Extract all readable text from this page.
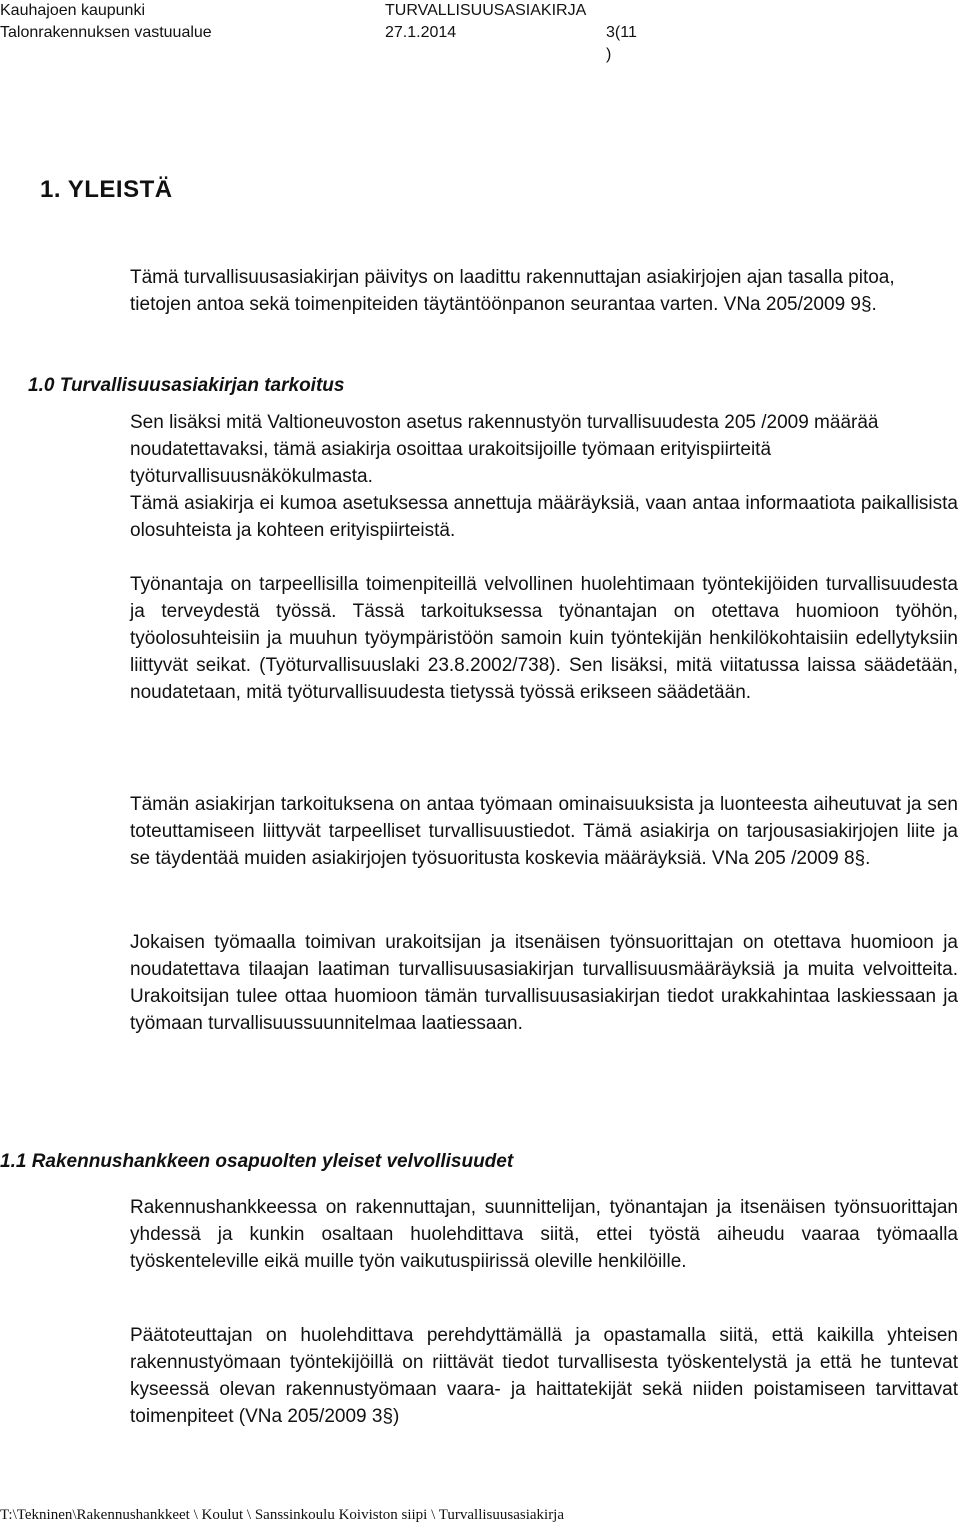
Kauhajoen kaupunki
Talonrakennuksen vastuualue
TURVALLISUUSASIAKIRJA
27.1.2014	3(11
)
1. YLEISTÄ

Tämä turvallisuusasiakirjan päivitys on laadittu rakennuttajan asiakirjojen ajan tasalla pitoa, tietojen antoa sekä toimenpiteiden täytäntöönpanon seurantaa varten. VNa 205/2009 9§.

1.0 Turvallisuusasiakirjan tarkoitus

Sen lisäksi mitä Valtioneuvoston asetus rakennustyön turvallisuudesta 205 /2009 määrää noudatettavaksi, tämä asiakirja osoittaa urakoitsijoille työmaan erityispiirteitä työturvallisuusnäkökulmasta.

Tämä asiakirja ei kumoa asetuksessa annettuja määräyksiä, vaan antaa informaatiota paikallisista olosuhteista ja kohteen erityispiirteistä.

Työnantaja on tarpeellisilla toimenpiteillä velvollinen huolehtimaan työntekijöiden turvallisuudesta ja terveydestä työssä. Tässä tarkoituksessa työnantajan on otettava huomioon työhön, työolosuhteisiin ja muuhun työympäristöön samoin kuin työntekijän henkilökohtaisiin edellytyksiin liittyvät seikat. (Työturvallisuuslaki 23.8.2002/738). Sen lisäksi, mitä viitatussa laissa säädetään, noudatetaan, mitä työturvallisuudesta tietyssä työssä erikseen säädetään.

Tämän asiakirjan tarkoituksena on antaa työmaan ominaisuuksista ja luonteesta aiheutuvat ja sen toteuttamiseen liittyvät tarpeelliset turvallisuustiedot. Tämä asiakirja on tarjousasiakirjojen liite ja se täydentää muiden asiakirjojen työsuoritusta koskevia määräyksiä. VNa 205 /2009 8§.

Jokaisen työmaalla toimivan urakoitsijan ja itsenäisen työnsuorittajan on otettava huomioon ja noudatettava tilaajan laatiman turvallisuusasiakirjan turvallisuusmääräyksiä ja muita velvoitteita. Urakoitsijan tulee ottaa huomioon tämän turvallisuusasiakirjan tiedot urakkahintaa laskiessaan ja työmaan turvallisuussuunnitelmaa laatiessaan.

1.1 Rakennushankkeen osapuolten yleiset velvollisuudet

Rakennushankkeessa on rakennuttajan, suunnittelijan, työnantajan ja itsenäisen työnsuorittajan yhdessä ja kunkin osaltaan huolehdittava siitä, ettei työstä aiheudu vaaraa työmaalla työskenteleville eikä muille työn vaikutuspiirissä oleville henkilöille.

Päätoteuttajan on huolehdittava perehdyttämällä ja opastamalla siitä, että kaikilla yhteisen rakennustyömaan työntekijöillä on riittävät tiedot turvallisesta työskentelystä ja että he tuntevat kyseessä olevan rakennustyömaan vaara- ja haittatekijät sekä niiden poistamiseen tarvittavat toimenpiteet (VNa 205/2009 3§)

T:\Tekninen\Rakennushankkeet \ Koulut \ Sanssinkoulu Koiviston siipi \ Turvallisuusasiakirja
